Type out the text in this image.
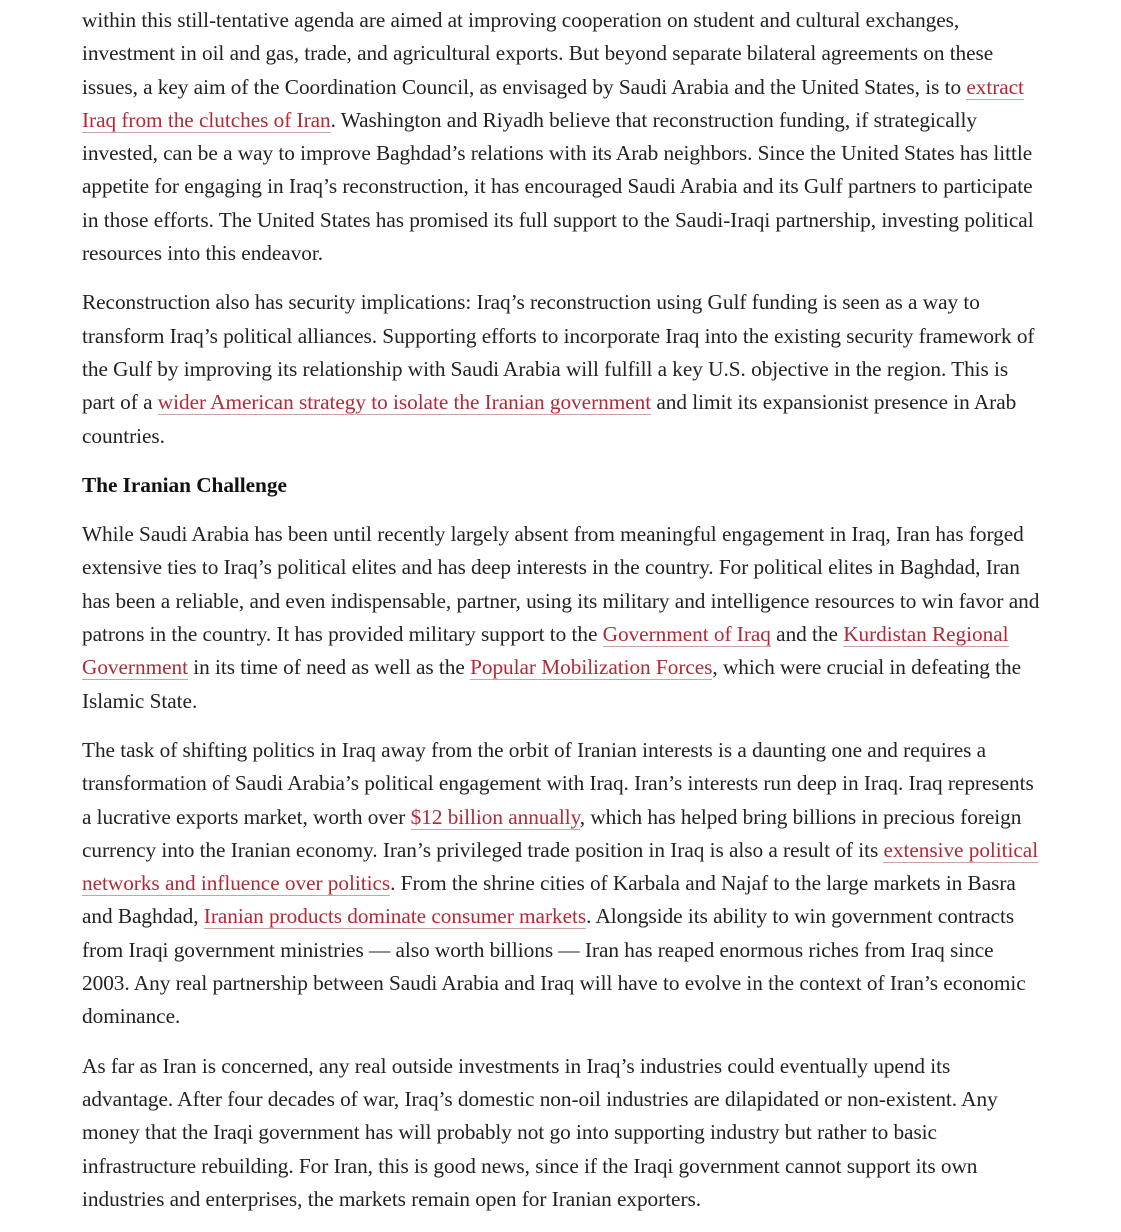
within this still-tentative agenda are aimed at improving cooperation on student and cultural exchanges, investment in oil and gas, trade, and agricultural exports. But beyond separate bilateral agreements on these issues, a key aim of the Coordination Council, as envisaged by Saudi Arabia and the United States, is to extract Iraq from the clutches of Iran. Washington and Riyadh believe that reconstruction funding, if strategically invested, can be a way to improve Baghdad’s relations with its Arab neighbors. Since the United States has little appetite for engaging in Iraq’s reconstruction, it has encouraged Saudi Arabia and its Gulf partners to participate in those efforts. The United States has promised its full support to the Saudi-Iraqi partnership, investing political resources into this endeavor.

Reconstruction also has security implications: Iraq’s reconstruction using Gulf funding is seen as a way to transform Iraq’s political alliances. Supporting efforts to incorporate Iraq into the existing security framework of the Gulf by improving its relationship with Saudi Arabia will fulfill a key U.S. objective in the region. This is part of a wider American strategy to isolate the Iranian government and limit its expansionist presence in Arab countries.

The Iranian Challenge

While Saudi Arabia has been until recently largely absent from meaningful engagement in Iraq, Iran has forged extensive ties to Iraq’s political elites and has deep interests in the country. For political elites in Baghdad, Iran has been a reliable, and even indispensable, partner, using its military and intelligence resources to win favor and patrons in the country. It has provided military support to the Government of Iraq and the Kurdistan Regional Government in its time of need as well as the Popular Mobilization Forces, which were crucial in defeating the Islamic State.

The task of shifting politics in Iraq away from the orbit of Iranian interests is a daunting one and requires a transformation of Saudi Arabia’s political engagement with Iraq. Iran’s interests run deep in Iraq. Iraq represents a lucrative exports market, worth over $12 billion annually, which has helped bring billions in precious foreign currency into the Iranian economy. Iran’s privileged trade position in Iraq is also a result of its extensive political networks and influence over politics. From the shrine cities of Karbala and Najaf to the large markets in Basra and Baghdad, Iranian products dominate consumer markets. Alongside its ability to win government contracts from Iraqi government ministries — also worth billions — Iran has reaped enormous riches from Iraq since 2003. Any real partnership between Saudi Arabia and Iraq will have to evolve in the context of Iran’s economic dominance.

As far as Iran is concerned, any real outside investments in Iraq’s industries could eventually upend its advantage. After four decades of war, Iraq’s domestic non-oil industries are dilapidated or non-existent. Any money that the Iraqi government has will probably not go into supporting industry but rather to basic infrastructure rebuilding. For Iran, this is good news, since if the Iraqi government cannot support its own industries and enterprises, the markets remain open for Iranian exporters.
